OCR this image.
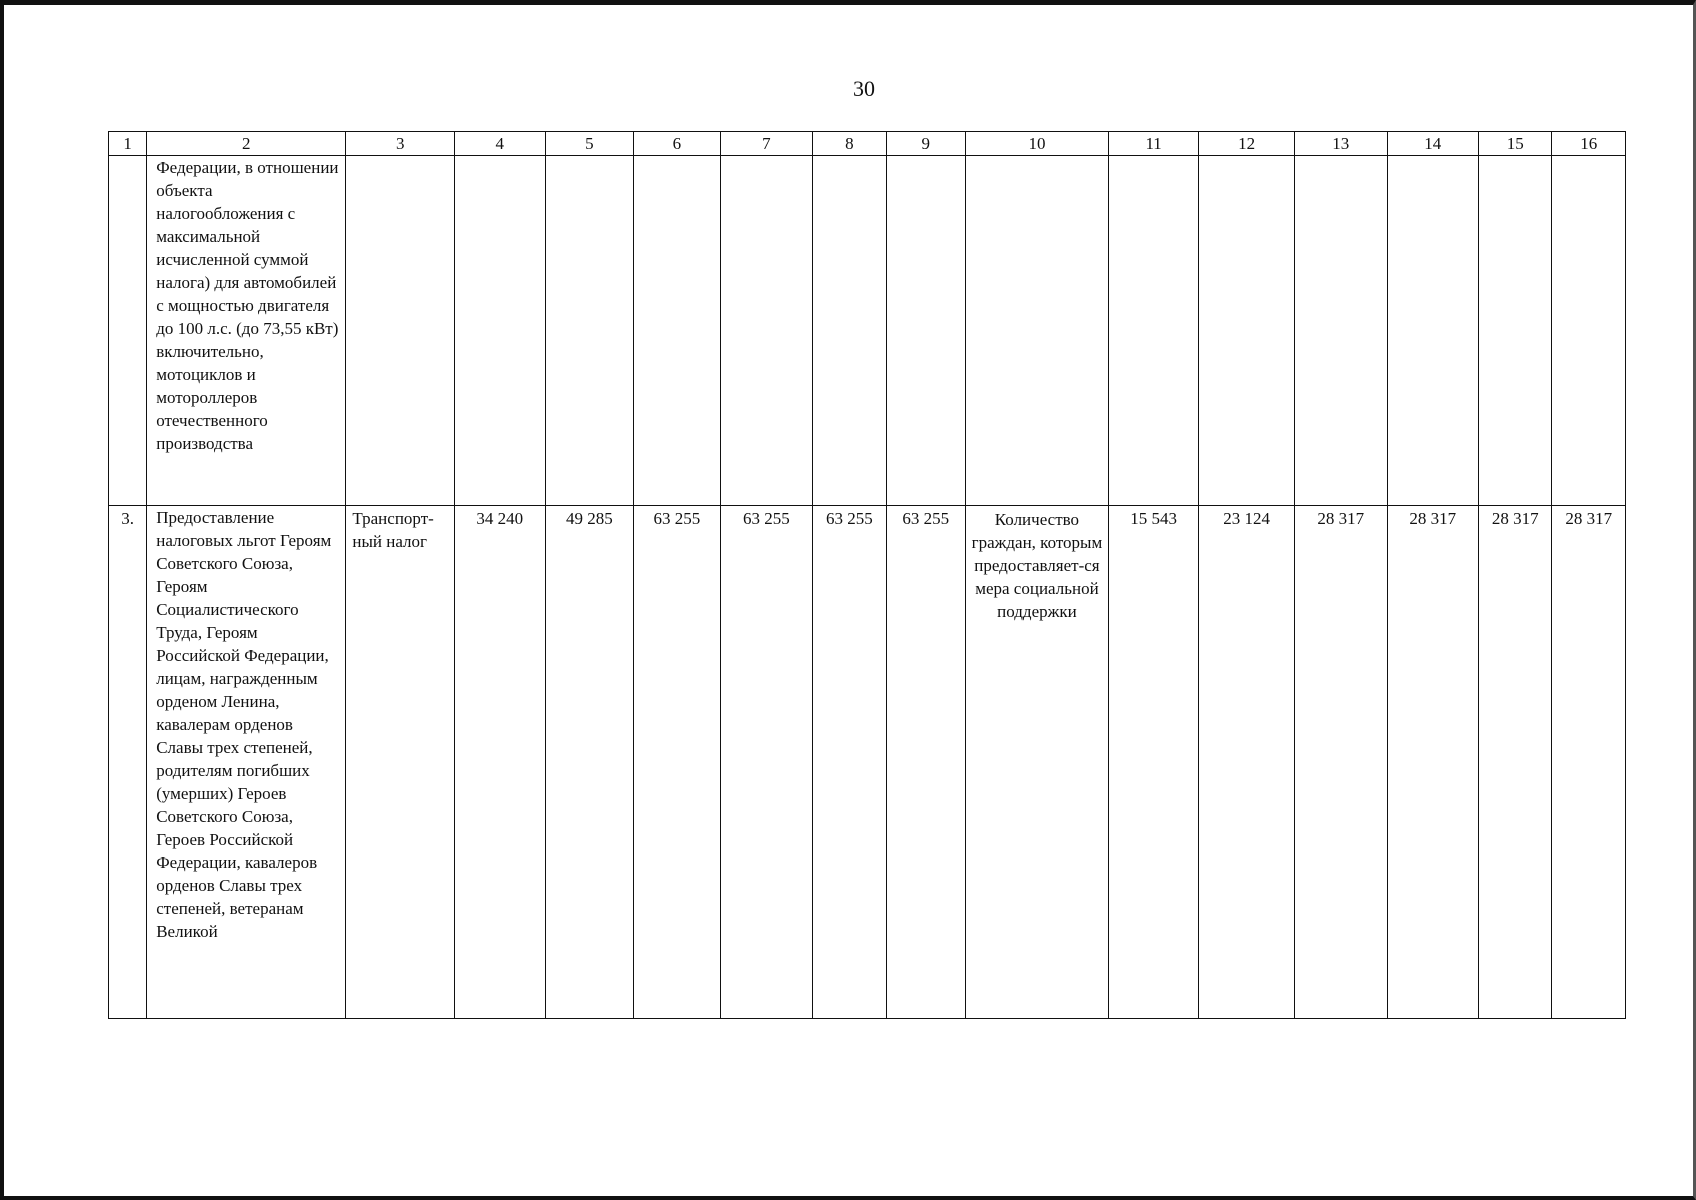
30
1	2	3	4	5	6	7	8	9	10	11	12	13	14	15	16
	Федерации, в отношении объекта налогообложения с максимальной исчисленной суммой налога) для автомобилей с мощностью двигателя до 100 л.с. (до 73,55 кВт) включительно, мотоциклов и мотороллеров отечественного производства														
3.	Предоставление налоговых льгот Героям Советского Союза, Героям Социалистического Труда, Героям Российской Федерации, лицам, награжденным орденом Ленина, кавалерам орденов Славы трех степеней, родителям погибших (умерших) Героев Советского Союза, Героев Российской Федерации, кавалеров орденов Славы трех степеней, ветеранам Великой	Транспорт-ный налог	34 240	49 285	63 255	63 255	63 255	63 255	Количество граждан, которым предоставляет-ся мера социальной поддержки	15 543	23 124	28 317	28 317	28 317	28 317
